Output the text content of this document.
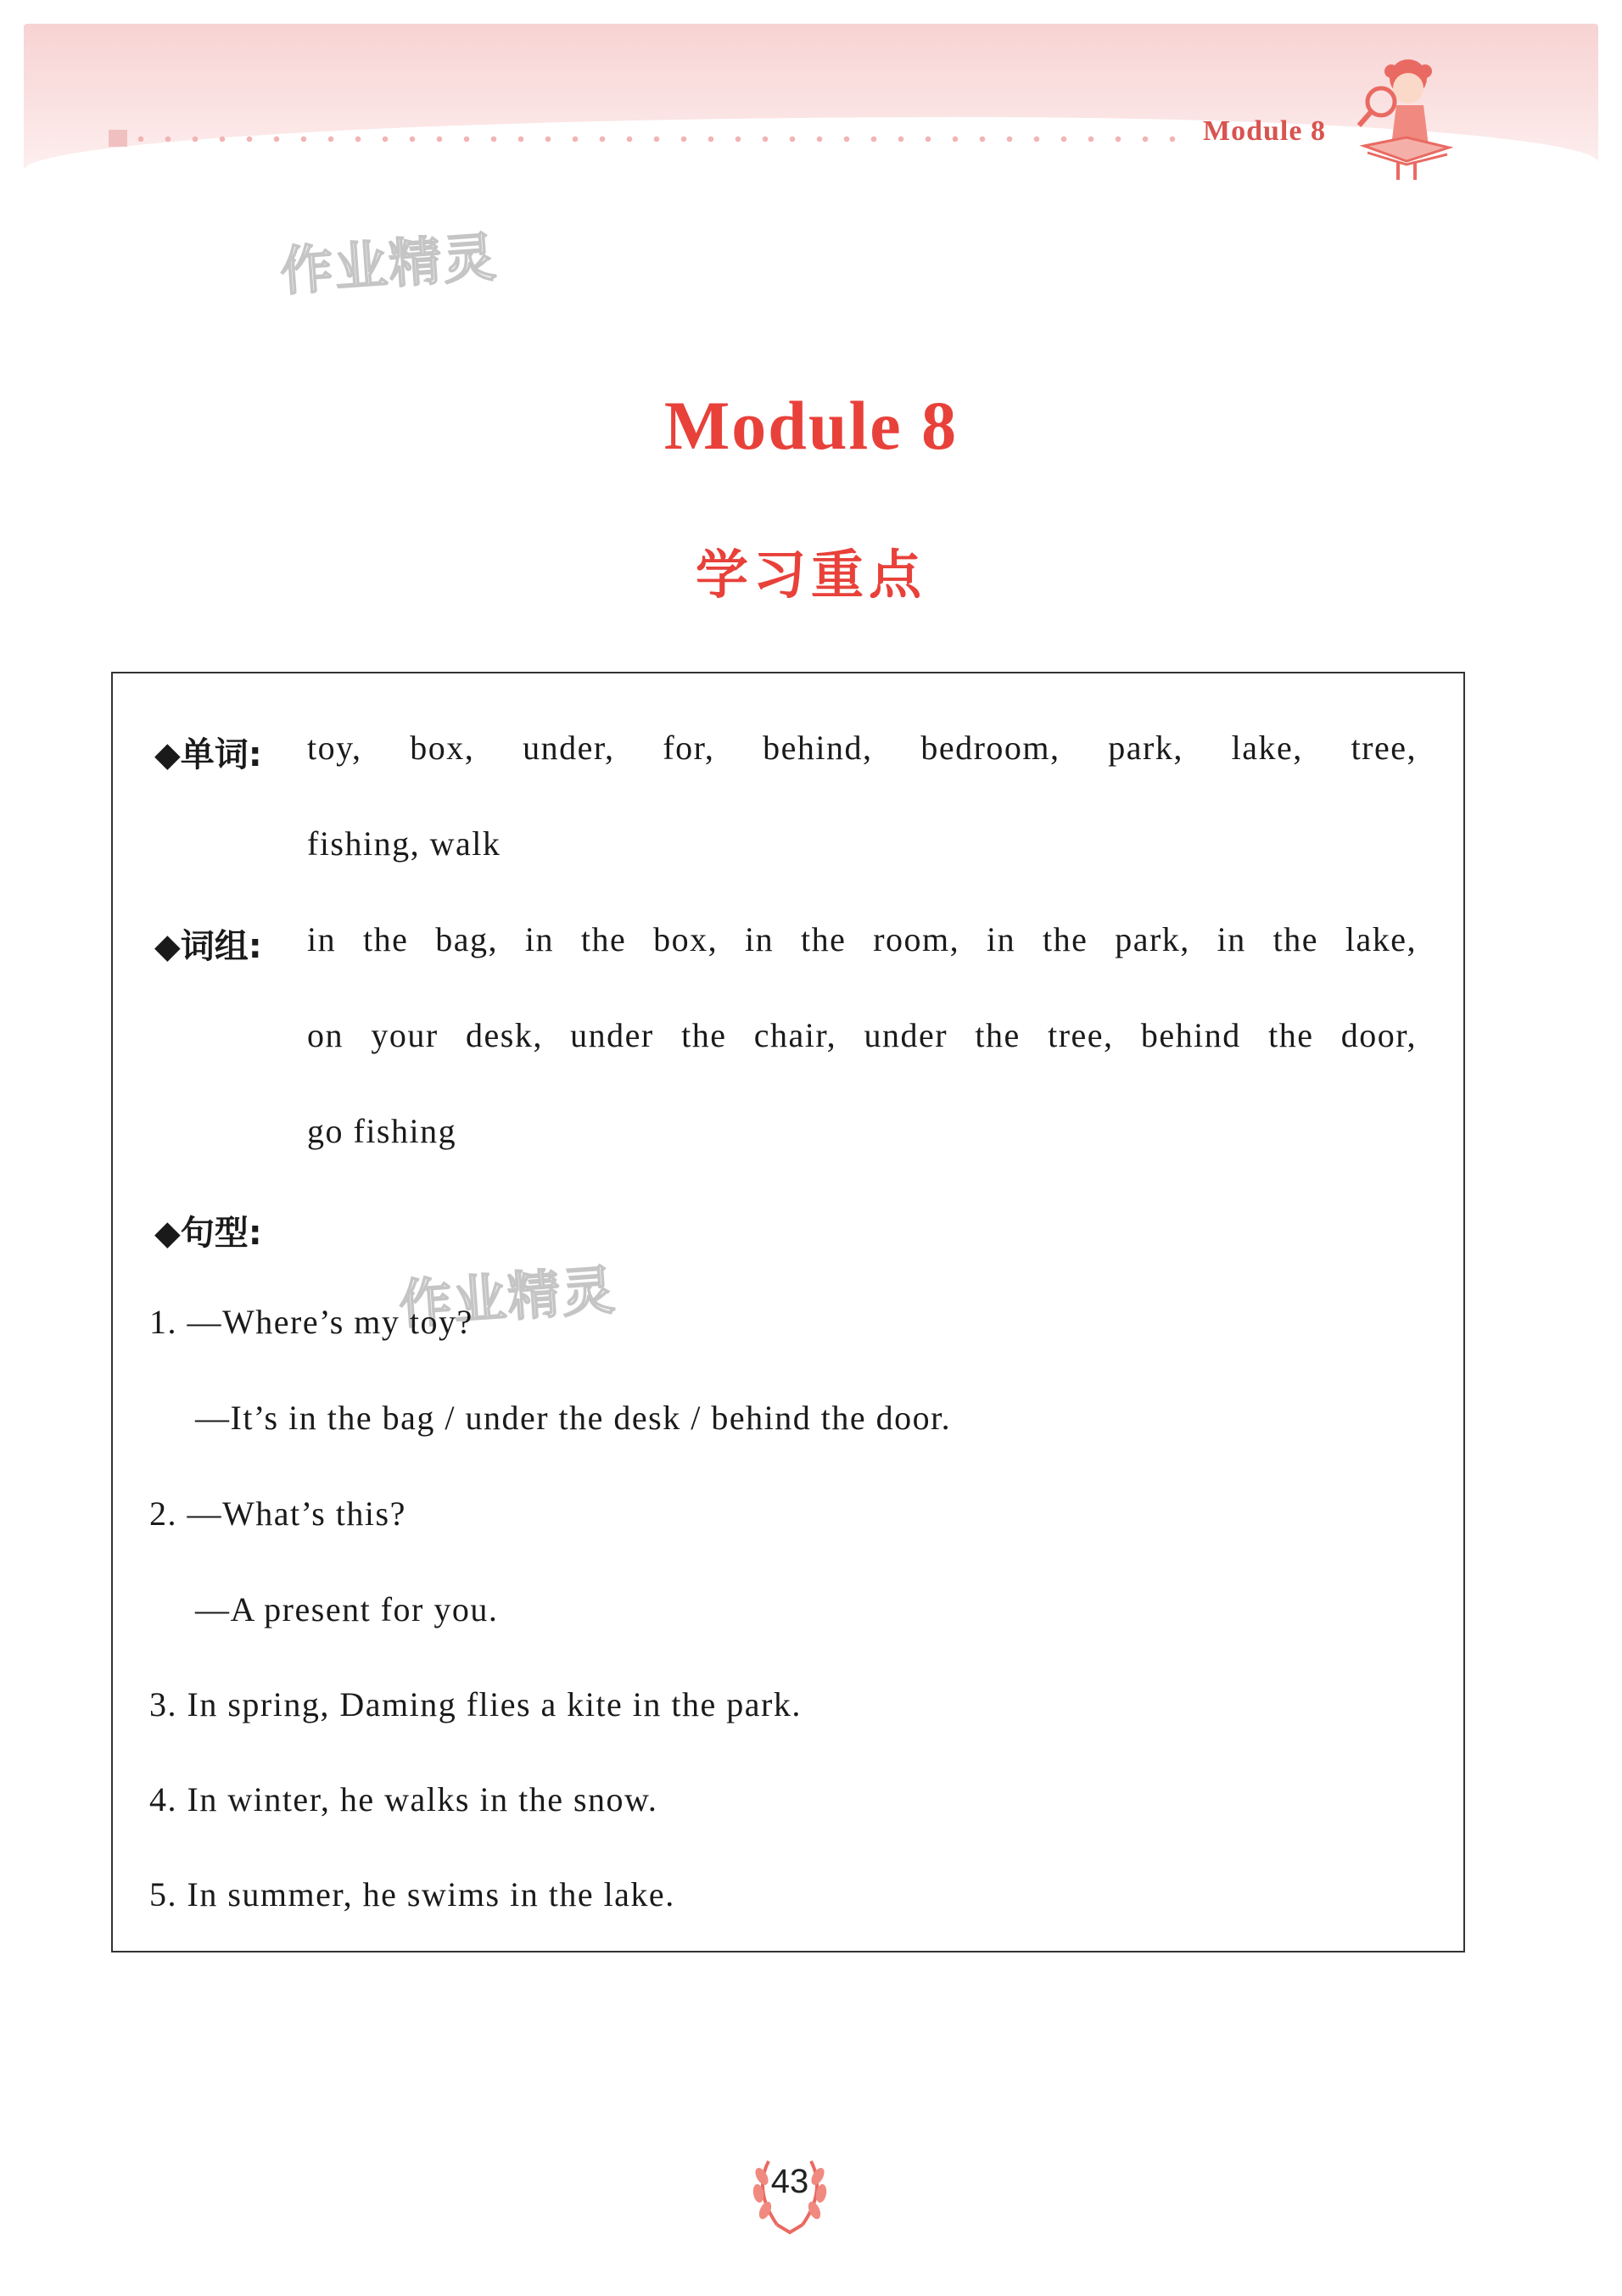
Module 8
作业精灵
作业精灵
Module 8
学习重点
◆单词: toy, box, under, for, behind, bedroom, park, lake, tree,
fishing, walk
◆词组: in the bag, in the box, in the room, in the park, in the lake,
on your desk, under the chair, under the tree, behind the door,
go fishing
◆句型:
1. —Where’s my toy?
—It’s in the bag / under the desk / behind the door.
2. —What’s this?
—A present for you.
3. In spring, Daming flies a kite in the park.
4. In winter, he walks in the snow.
5. In summer, he swims in the lake.
43
